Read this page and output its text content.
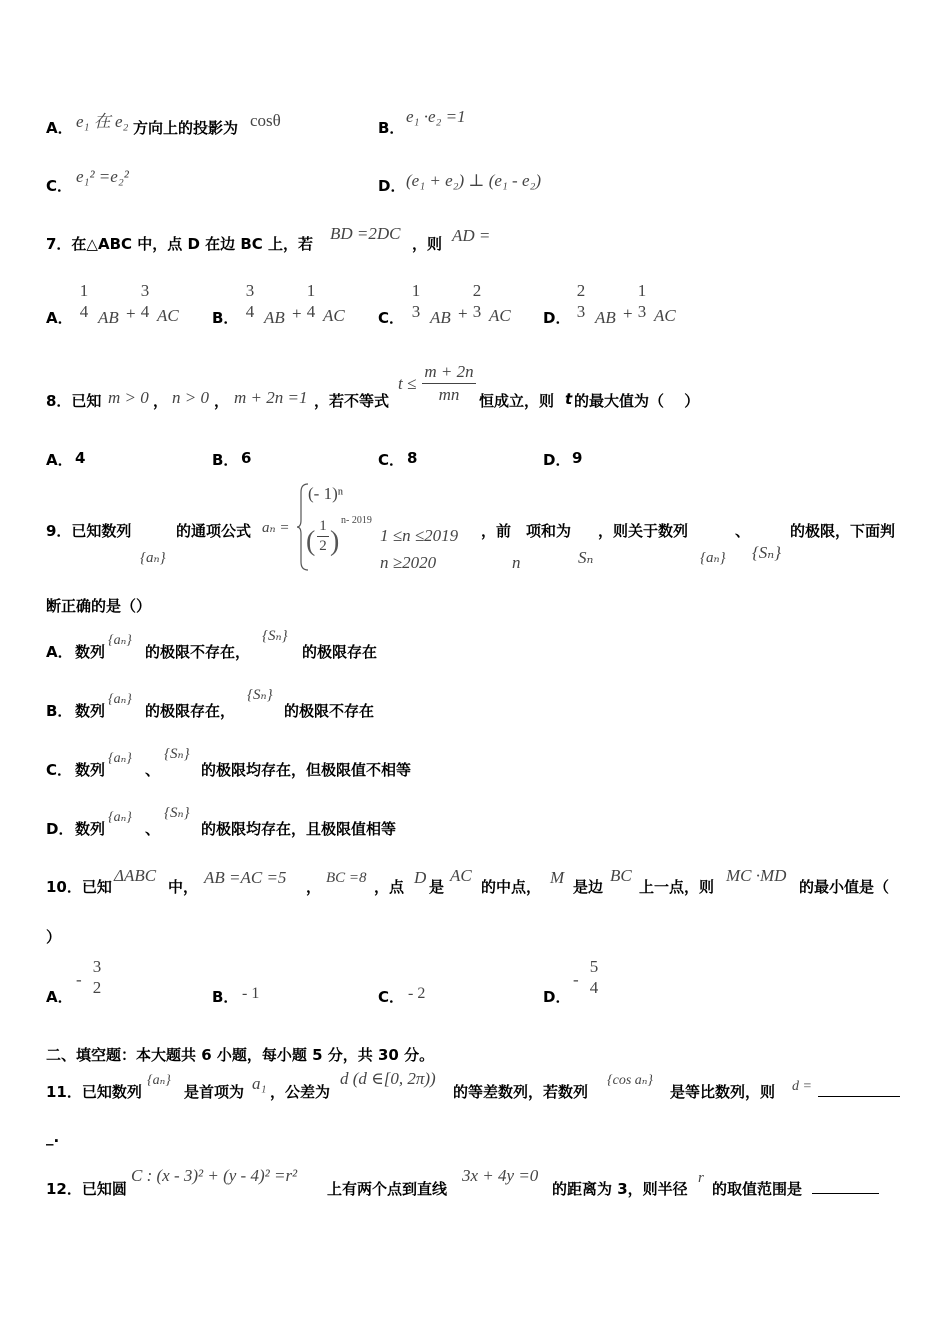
A． e₁ 在 e₂ 方向上的投影为 cosθ	B．
e₁ ·e₂ =1
C． e₁² =e₂²	D． (e₁ + e₂) ⊥ (e₁ - e₂)
7．在△ABC 中，点 D 在边 BC 上，若
BD =2DC
，则 AD =
A．
1
4 AB +
3
4 AC B．
3
4 AB +
1
4 AC C．
1
3 AB +
2
3 AC D．
2
3 AB +
1
3 AC
8．已知 m > 0 ， n > 0 ， m + 2n =1 ，若不等式
t ≤
m + 2n
mn	恒成立，则 t 的最大值为（　 ）
A． 4	B． 6	C． 8	D． 9
9．已知数列	的通项公式 aₙ =
(- 1)ⁿ
( 1
2 )
n- 2019
1 ≤n ≤2019
n ≥2020
，前 项和为 ，则关于数列	、	的极限，下面判
{aₙ}	n	Sₙ	{aₙ} {Sₙ}
断正确的是（）
A． 数列
{aₙ}
的极限不存在，
{Sₙ}
的极限存在
B． 数列
{aₙ}
的极限存在，
{Sₙ}
的极限不存在
C． 数列
{aₙ}
、
{Sₙ}
的极限均存在，但极限值不相等
D． 数列
{aₙ}
、
{Sₙ}
的极限均存在，且极限值相等
10．已知
ΔABC
中， AB =AC =5 ， BC =8 ，点 D 是
AC
的中点， M 是边
BC
上一点，则
MC ·MD
的最小值是（
）
A．
-
3
2	B． - 1	C． - 2	D．
-
5
4
二、填空题：本大题共 6 小题，每小题 5 分，共 30 分。
11．已知数列
{aₙ}
是首项为 a₁ ，公差为
d (d ∈[0, 2π))
的等差数列，若数列
{cos aₙ}
是等比数列，则 d =
_.
12．已知圆
C : (x - 3)² + (y - 4)² =r²
上有两个点到直线
3x + 4y =0
的距离为 3，则半径
r
的取值范围是
